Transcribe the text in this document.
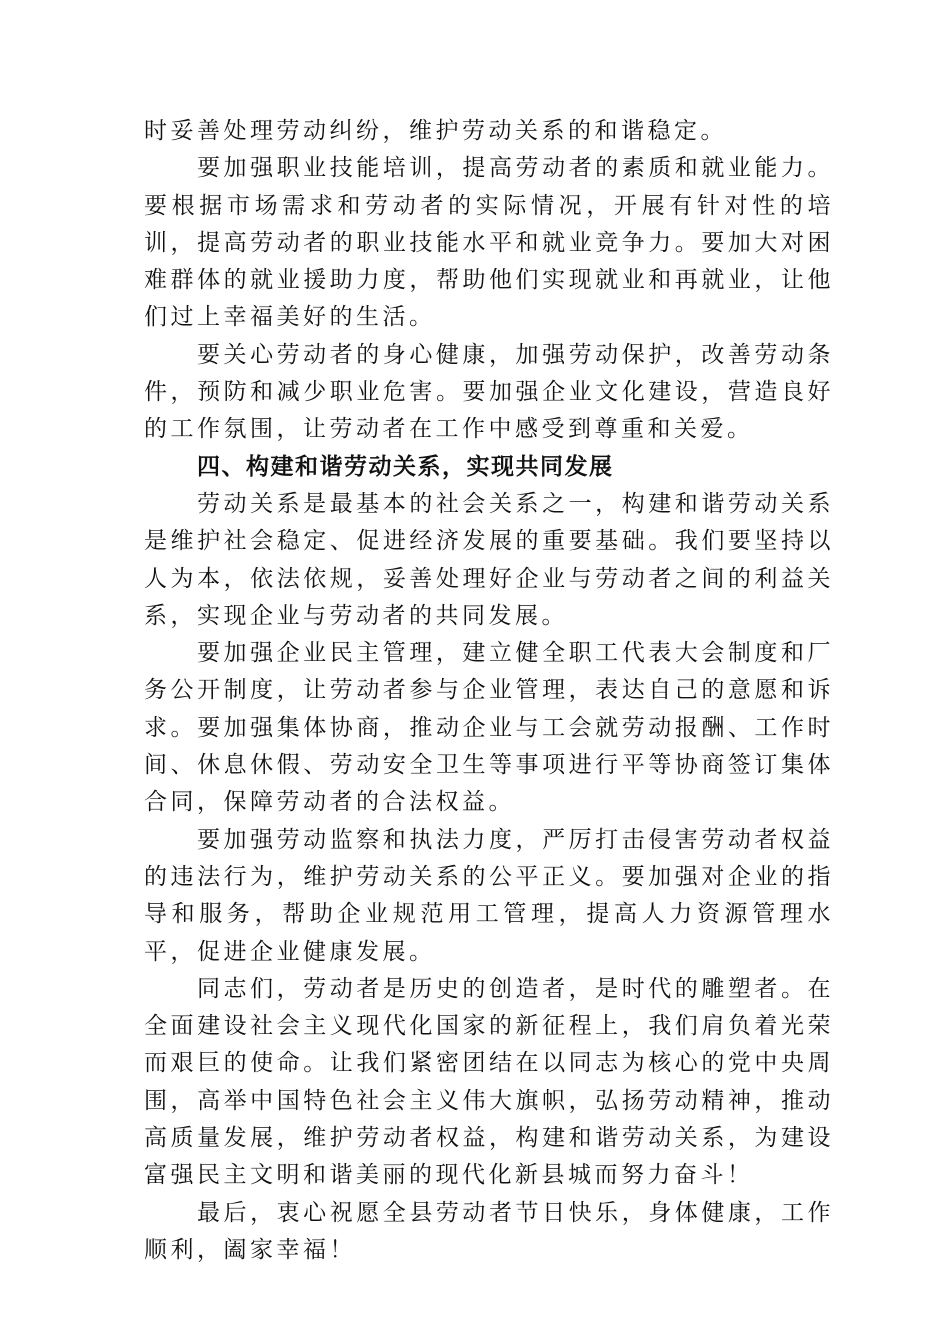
时妥善处理劳动纠纷，维护劳动关系的和谐稳定。

要加强职业技能培训，提高劳动者的素质和就业能力。要根据市场需求和劳动者的实际情况，开展有针对性的培训，提高劳动者的职业技能水平和就业竞争力。要加大对困难群体的就业援助力度，帮助他们实现就业和再就业，让他们过上幸福美好的生活。

要关心劳动者的身心健康，加强劳动保护，改善劳动条件，预防和减少职业危害。要加强企业文化建设，营造良好的工作氛围，让劳动者在工作中感受到尊重和关爱。

四、构建和谐劳动关系，实现共同发展

劳动关系是最基本的社会关系之一，构建和谐劳动关系是维护社会稳定、促进经济发展的重要基础。我们要坚持以人为本，依法依规，妥善处理好企业与劳动者之间的利益关系，实现企业与劳动者的共同发展。

要加强企业民主管理，建立健全职工代表大会制度和厂务公开制度，让劳动者参与企业管理，表达自己的意愿和诉求。要加强集体协商，推动企业与工会就劳动报酬、工作时间、休息休假、劳动安全卫生等事项进行平等协商签订集体合同，保障劳动者的合法权益。

要加强劳动监察和执法力度，严厉打击侵害劳动者权益的违法行为，维护劳动关系的公平正义。要加强对企业的指导和服务，帮助企业规范用工管理，提高人力资源管理水平，促进企业健康发展。

同志们，劳动者是历史的创造者，是时代的雕塑者。在全面建设社会主义现代化国家的新征程上，我们肩负着光荣而艰巨的使命。让我们紧密团结在以同志为核心的党中央周围，高举中国特色社会主义伟大旗帜，弘扬劳动精神，推动高质量发展，维护劳动者权益，构建和谐劳动关系，为建设富强民主文明和谐美丽的现代化新县城而努力奋斗！

最后，衷心祝愿全县劳动者节日快乐，身体健康，工作顺利，阖家幸福！
